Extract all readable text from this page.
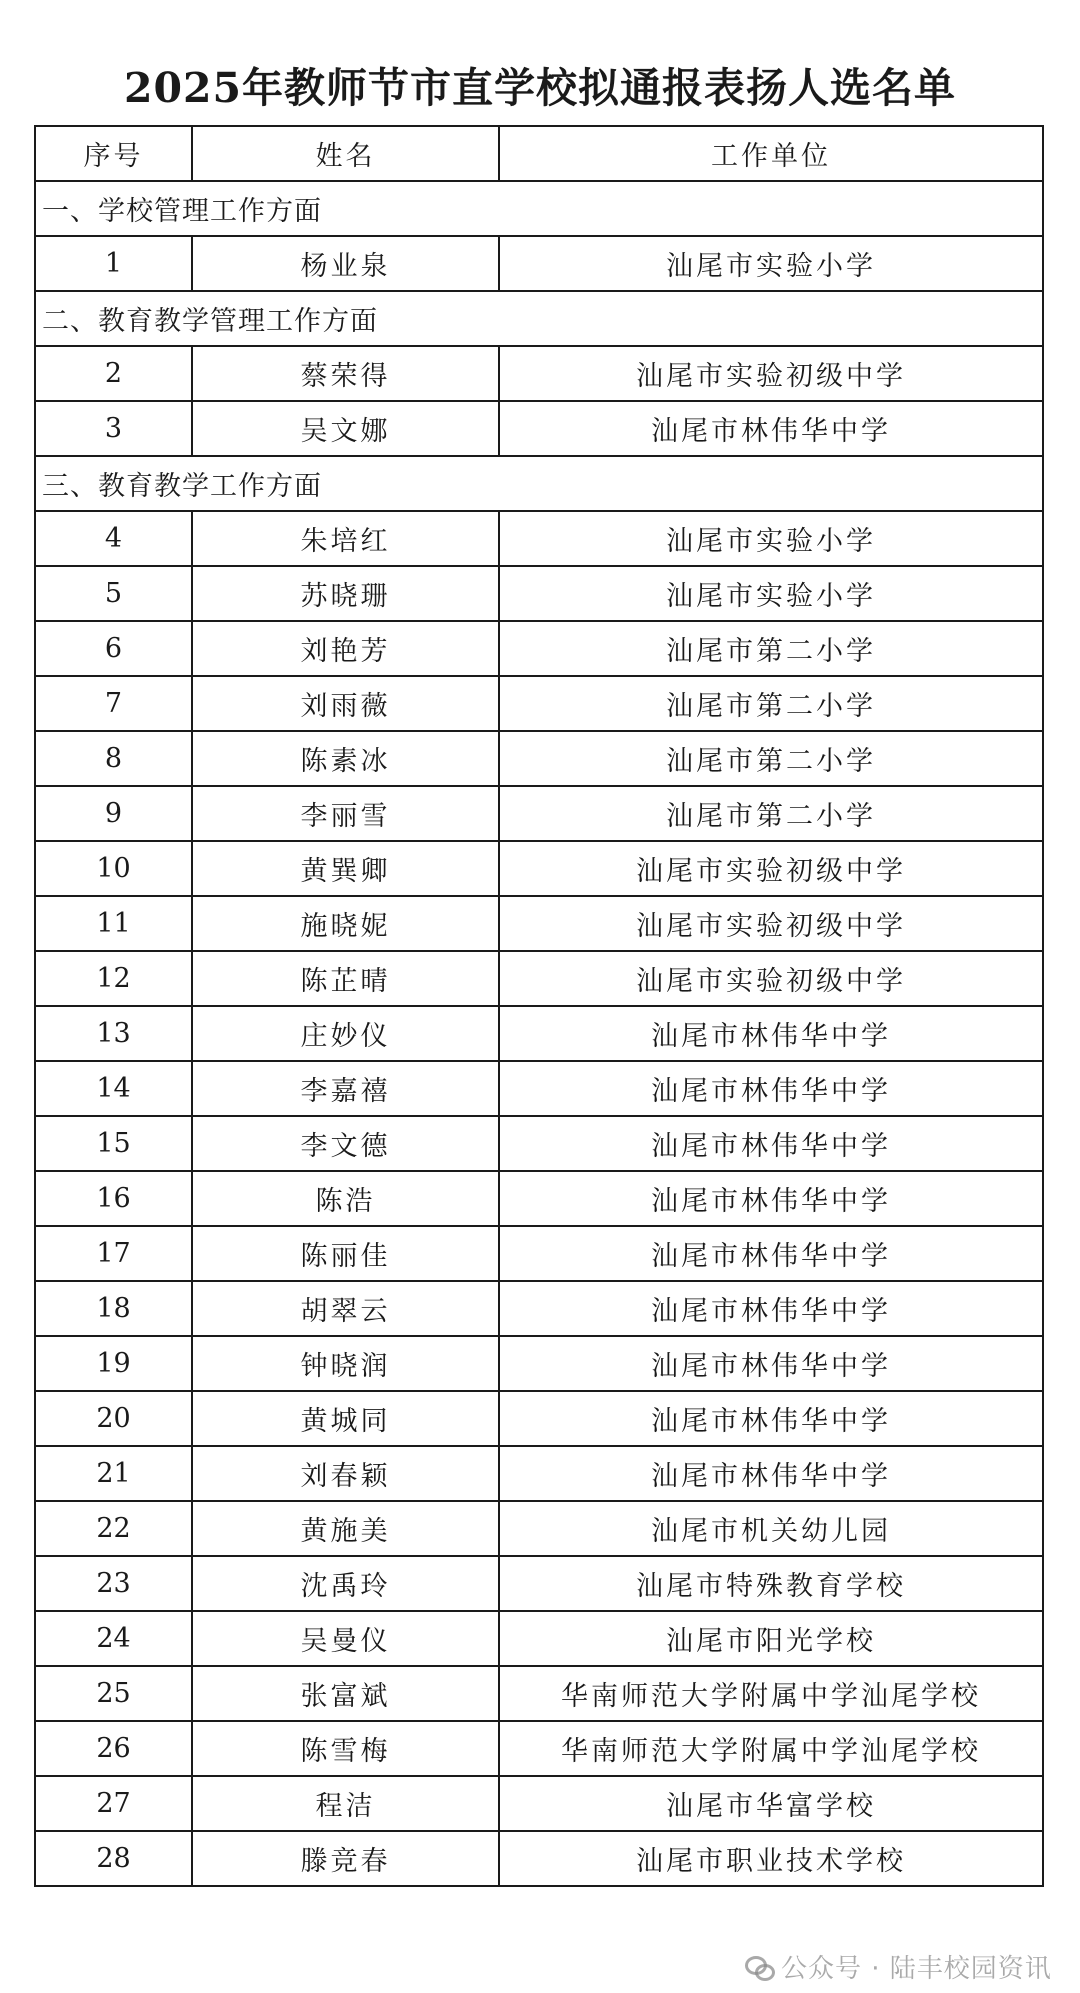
2025年教师节市直学校拟通报表扬人选名单
序号	姓名	工作单位
一、学校管理工作方面		
1	杨业泉	汕尾市实验小学
二、教育教学管理工作方面		
2	蔡荣得	汕尾市实验初级中学
3	吴文娜	汕尾市林伟华中学
三、教育教学工作方面		
4	朱培红	汕尾市实验小学
5	苏晓珊	汕尾市实验小学
6	刘艳芳	汕尾市第二小学
7	刘雨薇	汕尾市第二小学
8	陈素冰	汕尾市第二小学
9	李丽雪	汕尾市第二小学
10	黄巽卿	汕尾市实验初级中学
11	施晓妮	汕尾市实验初级中学
12	陈芷晴	汕尾市实验初级中学
13	庄妙仪	汕尾市林伟华中学
14	李嘉禧	汕尾市林伟华中学
15	李文德	汕尾市林伟华中学
16	陈浩	汕尾市林伟华中学
17	陈丽佳	汕尾市林伟华中学
18	胡翠云	汕尾市林伟华中学
19	钟晓润	汕尾市林伟华中学
20	黄城同	汕尾市林伟华中学
21	刘春颖	汕尾市林伟华中学
22	黄施美	汕尾市机关幼儿园
23	沈禹玲	汕尾市特殊教育学校
24	吴曼仪	汕尾市阳光学校
25	张富斌	华南师范大学附属中学汕尾学校
26	陈雪梅	华南师范大学附属中学汕尾学校
27	程洁	汕尾市华富学校
28	滕竞春	汕尾市职业技术学校
公众号 · 陆丰校园资讯
